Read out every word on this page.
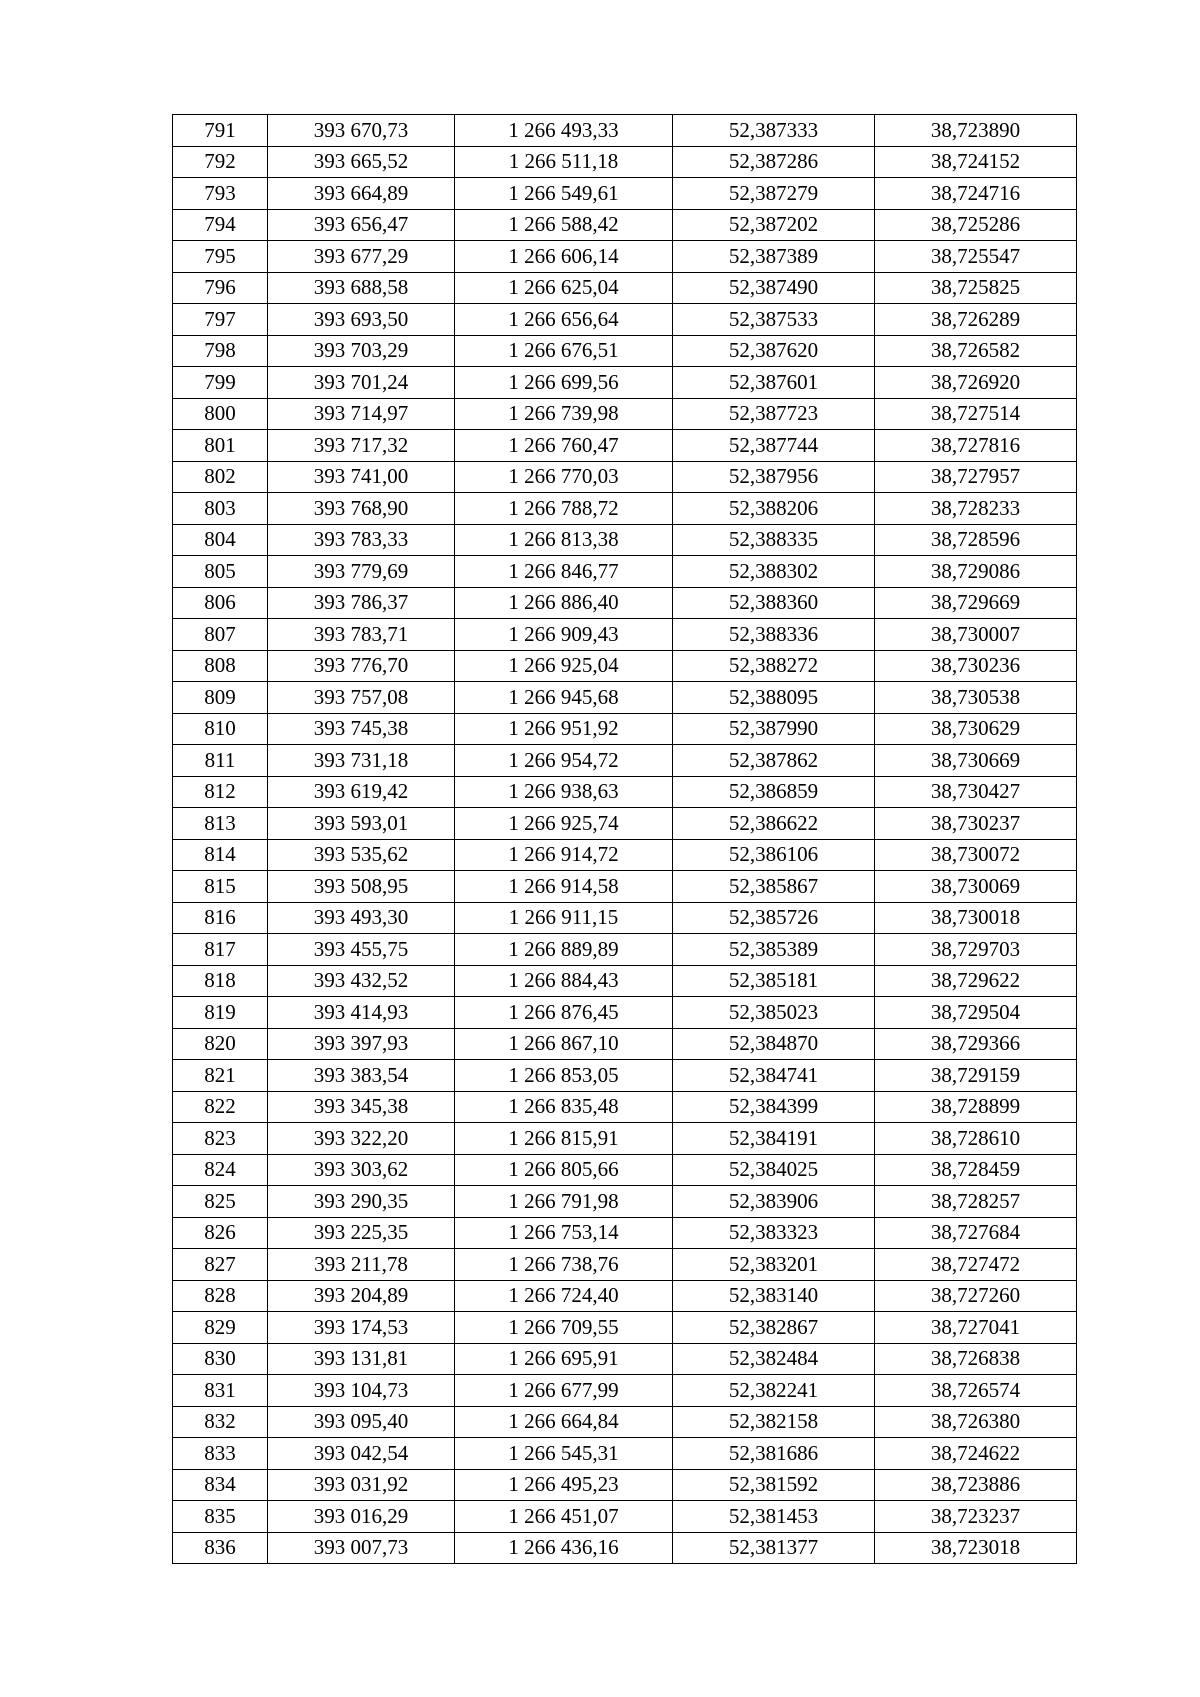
791	393 670,73	1 266 493,33	52,387333	38,723890
792	393 665,52	1 266 511,18	52,387286	38,724152
793	393 664,89	1 266 549,61	52,387279	38,724716
794	393 656,47	1 266 588,42	52,387202	38,725286
795	393 677,29	1 266 606,14	52,387389	38,725547
796	393 688,58	1 266 625,04	52,387490	38,725825
797	393 693,50	1 266 656,64	52,387533	38,726289
798	393 703,29	1 266 676,51	52,387620	38,726582
799	393 701,24	1 266 699,56	52,387601	38,726920
800	393 714,97	1 266 739,98	52,387723	38,727514
801	393 717,32	1 266 760,47	52,387744	38,727816
802	393 741,00	1 266 770,03	52,387956	38,727957
803	393 768,90	1 266 788,72	52,388206	38,728233
804	393 783,33	1 266 813,38	52,388335	38,728596
805	393 779,69	1 266 846,77	52,388302	38,729086
806	393 786,37	1 266 886,40	52,388360	38,729669
807	393 783,71	1 266 909,43	52,388336	38,730007
808	393 776,70	1 266 925,04	52,388272	38,730236
809	393 757,08	1 266 945,68	52,388095	38,730538
810	393 745,38	1 266 951,92	52,387990	38,730629
811	393 731,18	1 266 954,72	52,387862	38,730669
812	393 619,42	1 266 938,63	52,386859	38,730427
813	393 593,01	1 266 925,74	52,386622	38,730237
814	393 535,62	1 266 914,72	52,386106	38,730072
815	393 508,95	1 266 914,58	52,385867	38,730069
816	393 493,30	1 266 911,15	52,385726	38,730018
817	393 455,75	1 266 889,89	52,385389	38,729703
818	393 432,52	1 266 884,43	52,385181	38,729622
819	393 414,93	1 266 876,45	52,385023	38,729504
820	393 397,93	1 266 867,10	52,384870	38,729366
821	393 383,54	1 266 853,05	52,384741	38,729159
822	393 345,38	1 266 835,48	52,384399	38,728899
823	393 322,20	1 266 815,91	52,384191	38,728610
824	393 303,62	1 266 805,66	52,384025	38,728459
825	393 290,35	1 266 791,98	52,383906	38,728257
826	393 225,35	1 266 753,14	52,383323	38,727684
827	393 211,78	1 266 738,76	52,383201	38,727472
828	393 204,89	1 266 724,40	52,383140	38,727260
829	393 174,53	1 266 709,55	52,382867	38,727041
830	393 131,81	1 266 695,91	52,382484	38,726838
831	393 104,73	1 266 677,99	52,382241	38,726574
832	393 095,40	1 266 664,84	52,382158	38,726380
833	393 042,54	1 266 545,31	52,381686	38,724622
834	393 031,92	1 266 495,23	52,381592	38,723886
835	393 016,29	1 266 451,07	52,381453	38,723237
836	393 007,73	1 266 436,16	52,381377	38,723018
